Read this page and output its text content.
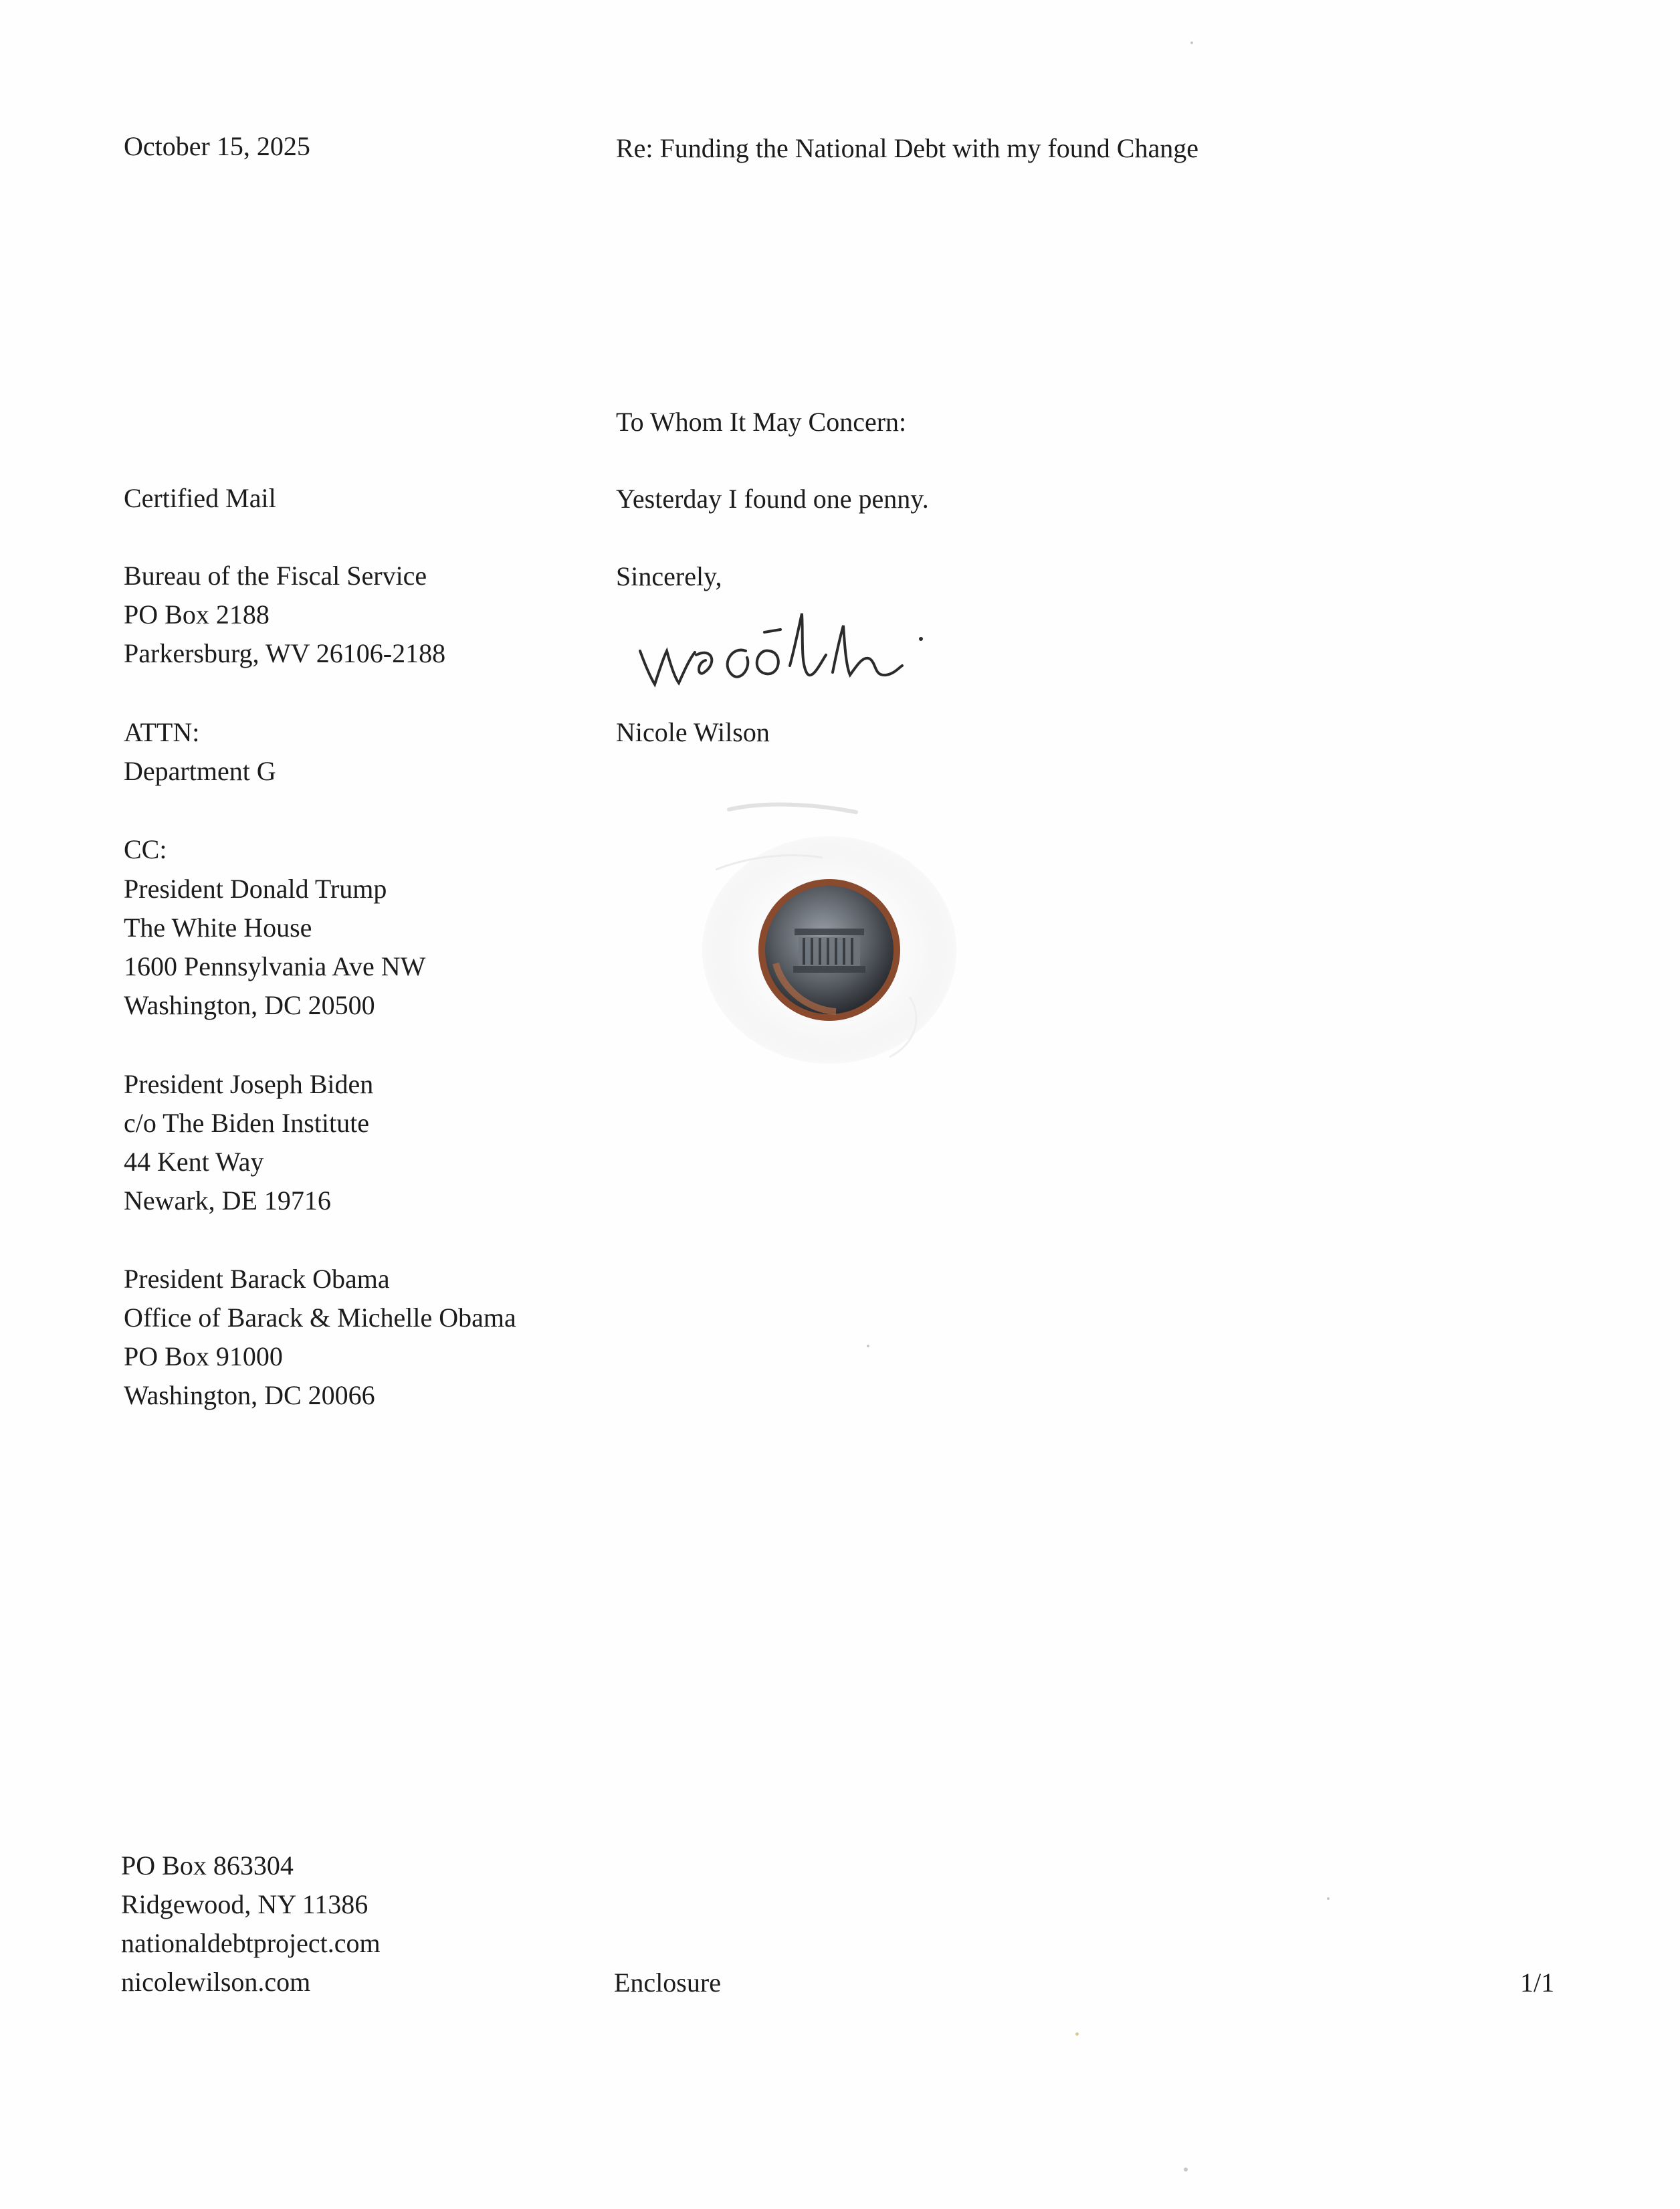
October 15, 2025	Re: Funding the National Debt with my found Change
To Whom It May Concern:
Yesterday I found one penny.
Sincerely,
Nicole Wilson
Certified Mail
Bureau of the Fiscal Service
PO Box 2188
Parkersburg, WV 26106-2188
ATTN:
Department G
CC:
President Donald Trump
The White House
1600 Pennsylvania Ave NW
Washington, DC 20500
President Joseph Biden
c/o The Biden Institute
44 Kent Way
Newark, DE 19716
President Barack Obama
Office of Barack & Michelle Obama
PO Box 91000
Washington, DC 20066
PO Box 863304
Ridgewood, NY 11386
nationaldebtproject.com
nicolewilson.com	Enclosure	1/1
